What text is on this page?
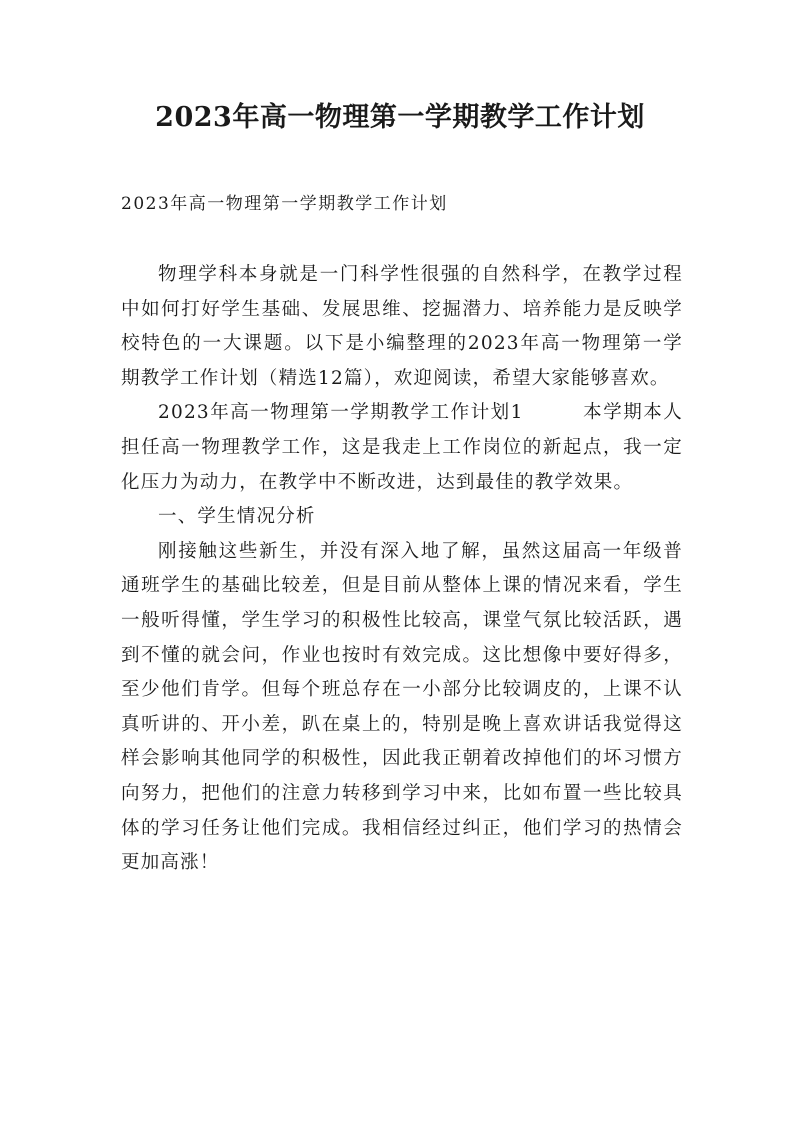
2023年高一物理第一学期教学工作计划

2023年高一物理第一学期教学工作计划

物理学科本身就是一门科学性很强的自然科学，在教学过程中如何打好学生基础、发展思维、挖掘潜力、培养能力是反映学校特色的一大课题。以下是小编整理的2023年高一物理第一学期教学工作计划（精选12篇），欢迎阅读，希望大家能够喜欢。

2023年高一物理第一学期教学工作计划1	本学期本人担任高一物理教学工作，这是我走上工作岗位的新起点，我一定化压力为动力，在教学中不断改进，达到最佳的教学效果。

一、学生情况分析

刚接触这些新生，并没有深入地了解，虽然这届高一年级普通班学生的基础比较差，但是目前从整体上课的情况来看，学生一般听得懂，学生学习的积极性比较高，课堂气氛比较活跃，遇到不懂的就会问，作业也按时有效完成。这比想像中要好得多，至少他们肯学。但每个班总存在一小部分比较调皮的，上课不认真听讲的、开小差，趴在桌上的，特别是晚上喜欢讲话我觉得这样会影响其他同学的积极性，因此我正朝着改掉他们的坏习惯方向努力，把他们的注意力转移到学习中来，比如布置一些比较具体的学习任务让他们完成。我相信经过纠正，他们学习的热情会更加高涨！
